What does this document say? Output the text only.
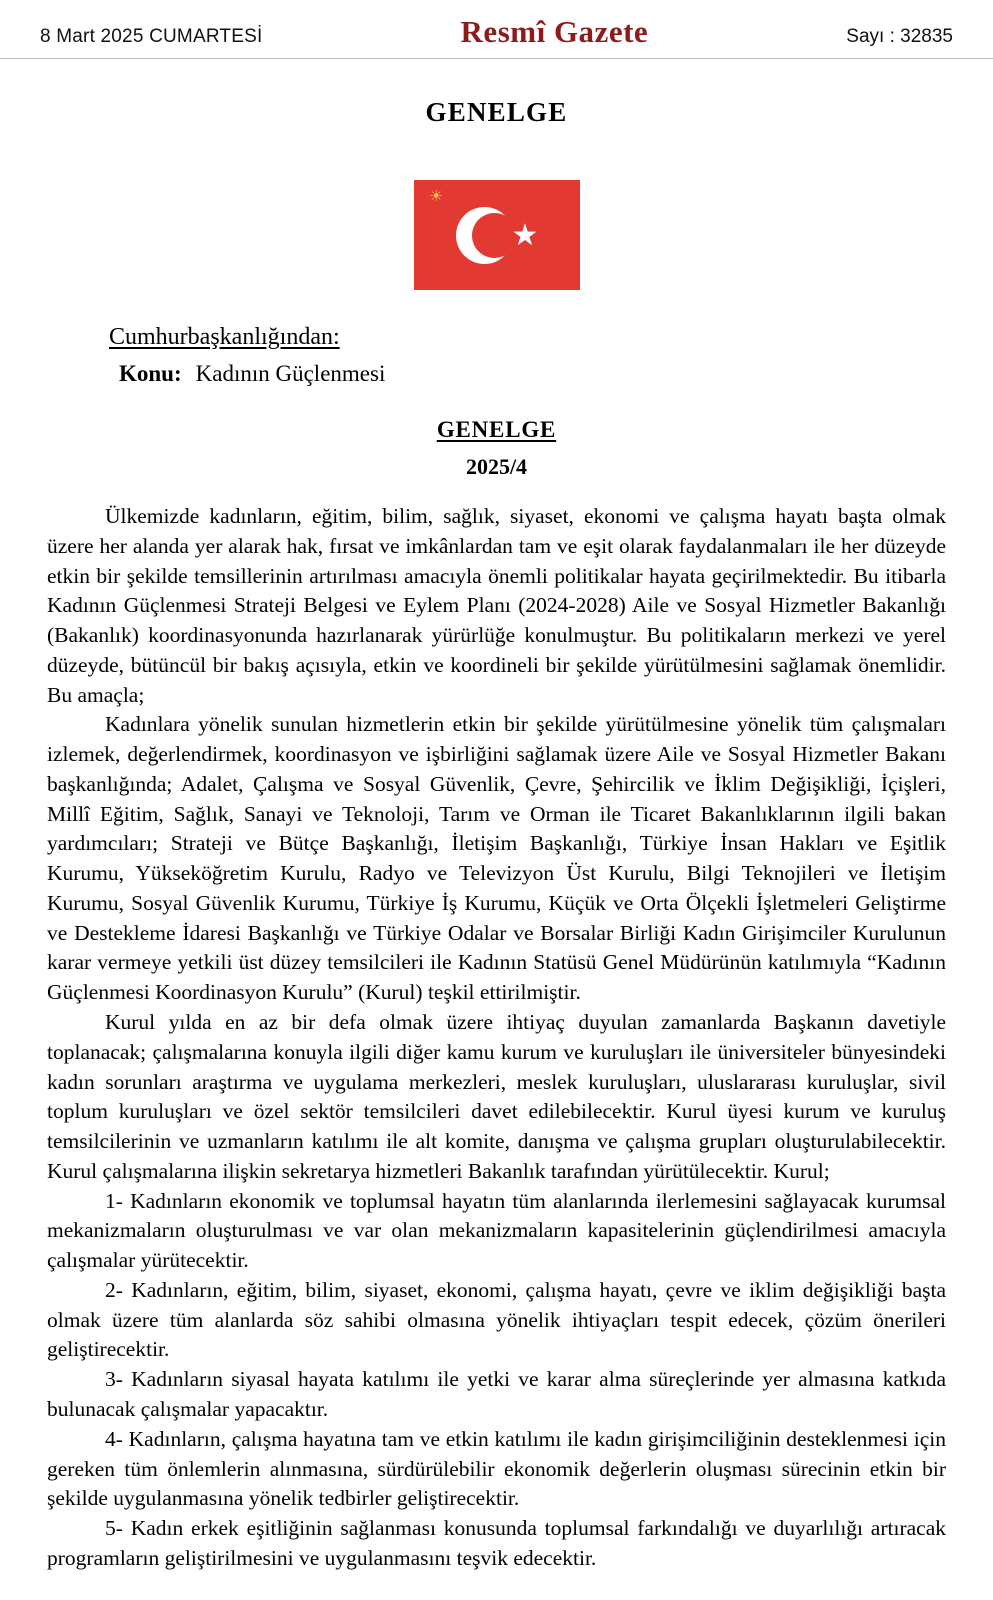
8 Mart 2025 CUMARTESİ	Resmî Gazete	Sayı : 32835
GENELGE
☀
★
Cumhurbaşkanlığından:
Konu: Kadının Güçlenmesi
GENELGE
2025/4

Ülkemizde kadınların, eğitim, bilim, sağlık, siyaset, ekonomi ve çalışma hayatı başta olmak üzere her alanda yer alarak hak, fırsat ve imkânlardan tam ve eşit olarak faydalanmaları ile her düzeyde etkin bir şekilde temsillerinin artırılması amacıyla önemli politikalar hayata geçirilmektedir. Bu itibarla Kadının Güçlenmesi Strateji Belgesi ve Eylem Planı (2024-2028) Aile ve Sosyal Hizmetler Bakanlığı (Bakanlık) koordinasyonunda hazırlanarak yürürlüğe konulmuştur. Bu politikaların merkezi ve yerel düzeyde, bütüncül bir bakış açısıyla, etkin ve koordineli bir şekilde yürütülmesini sağlamak önemlidir. Bu amaçla;

Kadınlara yönelik sunulan hizmetlerin etkin bir şekilde yürütülmesine yönelik tüm çalışmaları izlemek, değerlendirmek, koordinasyon ve işbirliğini sağlamak üzere Aile ve Sosyal Hizmetler Bakanı başkanlığında; Adalet, Çalışma ve Sosyal Güvenlik, Çevre, Şehircilik ve İklim Değişikliği, İçişleri, Millî Eğitim, Sağlık, Sanayi ve Teknoloji, Tarım ve Orman ile Ticaret Bakanlıklarının ilgili bakan yardımcıları; Strateji ve Bütçe Başkanlığı, İletişim Başkanlığı, Türkiye İnsan Hakları ve Eşitlik Kurumu, Yükseköğretim Kurulu, Radyo ve Televizyon Üst Kurulu, Bilgi Teknojileri ve İletişim Kurumu, Sosyal Güvenlik Kurumu, Türkiye İş Kurumu, Küçük ve Orta Ölçekli İşletmeleri Geliştirme ve Destekleme İdaresi Başkanlığı ve Türkiye Odalar ve Borsalar Birliği Kadın Girişimciler Kurulunun karar vermeye yetkili üst düzey temsilcileri ile Kadının Statüsü Genel Müdürünün katılımıyla “Kadının Güçlenmesi Koordinasyon Kurulu” (Kurul) teşkil ettirilmiştir.

Kurul yılda en az bir defa olmak üzere ihtiyaç duyulan zamanlarda Başkanın davetiyle toplanacak; çalışmalarına konuyla ilgili diğer kamu kurum ve kuruluşları ile üniversiteler bünyesindeki kadın sorunları araştırma ve uygulama merkezleri, meslek kuruluşları, uluslararası kuruluşlar, sivil toplum kuruluşları ve özel sektör temsilcileri davet edilebilecektir. Kurul üyesi kurum ve kuruluş temsilcilerinin ve uzmanların katılımı ile alt komite, danışma ve çalışma grupları oluşturulabilecektir. Kurul çalışmalarına ilişkin sekretarya hizmetleri Bakanlık tarafından yürütülecektir. Kurul;

1- Kadınların ekonomik ve toplumsal hayatın tüm alanlarında ilerlemesini sağlayacak kurumsal mekanizmaların oluşturulması ve var olan mekanizmaların kapasitelerinin güçlendirilmesi amacıyla çalışmalar yürütecektir.

2- Kadınların, eğitim, bilim, siyaset, ekonomi, çalışma hayatı, çevre ve iklim değişikliği başta olmak üzere tüm alanlarda söz sahibi olmasına yönelik ihtiyaçları tespit edecek, çözüm önerileri geliştirecektir.

3- Kadınların siyasal hayata katılımı ile yetki ve karar alma süreçlerinde yer almasına katkıda bulunacak çalışmalar yapacaktır.

4- Kadınların, çalışma hayatına tam ve etkin katılımı ile kadın girişimciliğinin desteklenmesi için gereken tüm önlemlerin alınmasına, sürdürülebilir ekonomik değerlerin oluşması sürecinin etkin bir şekilde uygulanmasına yönelik tedbirler geliştirecektir.

5- Kadın erkek eşitliğinin sağlanması konusunda toplumsal farkındalığı ve duyarlılığı artıracak programların geliştirilmesini ve uygulanmasını teşvik edecektir.
